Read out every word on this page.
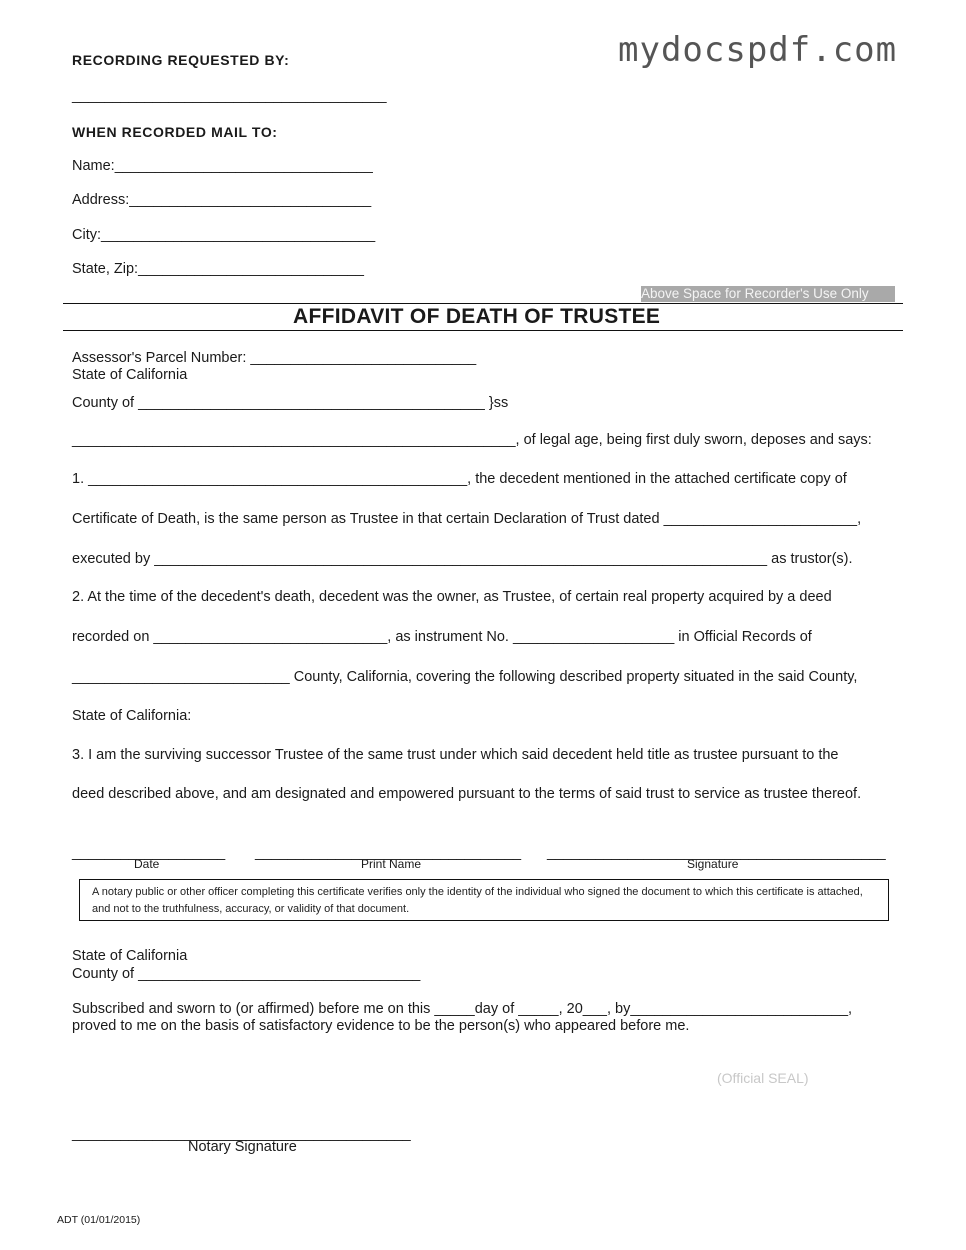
mydocspdf.com
RECORDING REQUESTED BY:
_______________________________________
WHEN RECORDED MAIL TO:
Name:________________________________
Address:______________________________
City:__________________________________
State, Zip:____________________________
Above Space for Recorder's Use Only
AFFIDAVIT OF DEATH OF TRUSTEE
Assessor's Parcel Number: ____________________________
State of California
County of ___________________________________________ }ss
_______________________________________________________, of legal age, being first duly sworn, deposes and says:
1. _______________________________________________, the decedent mentioned in the attached certificate copy of
Certificate of Death, is the same person as Trustee in that certain Declaration of Trust dated ________________________,
executed by ____________________________________________________________________________ as trustor(s).
2. At the time of the decedent's death, decedent was the owner, as Trustee, of certain real property acquired by a deed
recorded on _____________________________, as instrument No. ____________________ in Official Records of
___________________________ County, California, covering the following described property situated in the said County,
State of California:
3. I am the surviving successor Trustee of the same trust under which said decedent held title as trustee pursuant to the
deed described above, and am designated and empowered pursuant to the terms of said trust to service as trustee thereof.
___________________ _________________________________ __________________________________________
Date	Print Name	Signature
A notary public or other officer completing this certificate verifies only the identity of the individual who signed the document to which this certificate is attached, and not to the truthfulness, accuracy, or validity of that document.
State of California
County of ___________________________________
Subscribed and sworn to (or affirmed) before me on this _____day of _____, 20___, by___________________________,
proved to me on the basis of satisfactory evidence to be the person(s) who appeared before me.
(Official SEAL)
__________________________________________
Notary Signature
ADT (01/01/2015)
